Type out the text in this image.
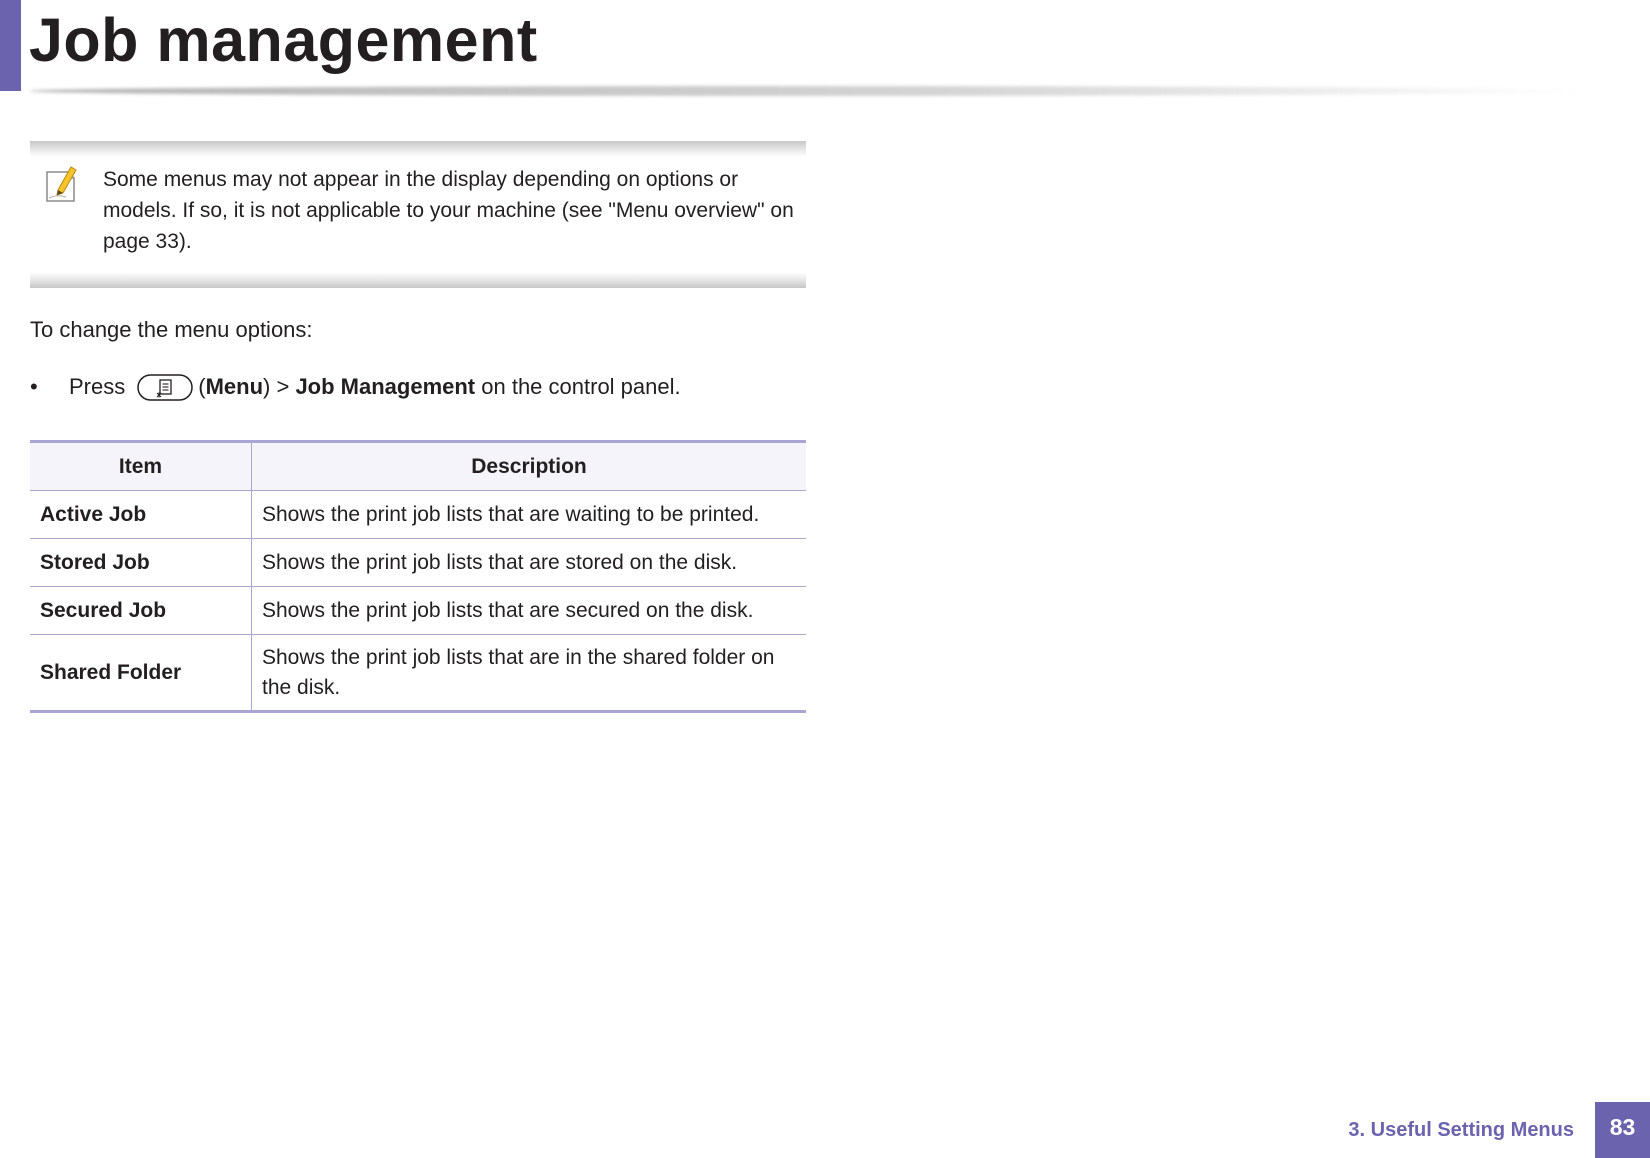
Job management

Some menus may not appear in the display depending on options or models. If so, it is not applicable to your machine (see "Menu overview" on page 33).

To change the menu options:

• Press	( Menu ) > Job Management on the control panel.
Item	Description
Active Job	Shows the print job lists that are waiting to be printed.
Stored Job	Shows the print job lists that are stored on the disk.
Secured Job	Shows the print job lists that are secured on the disk.
Shared Folder	Shows the print job lists that are in the shared folder on the disk.
3. Useful Setting Menus	83
